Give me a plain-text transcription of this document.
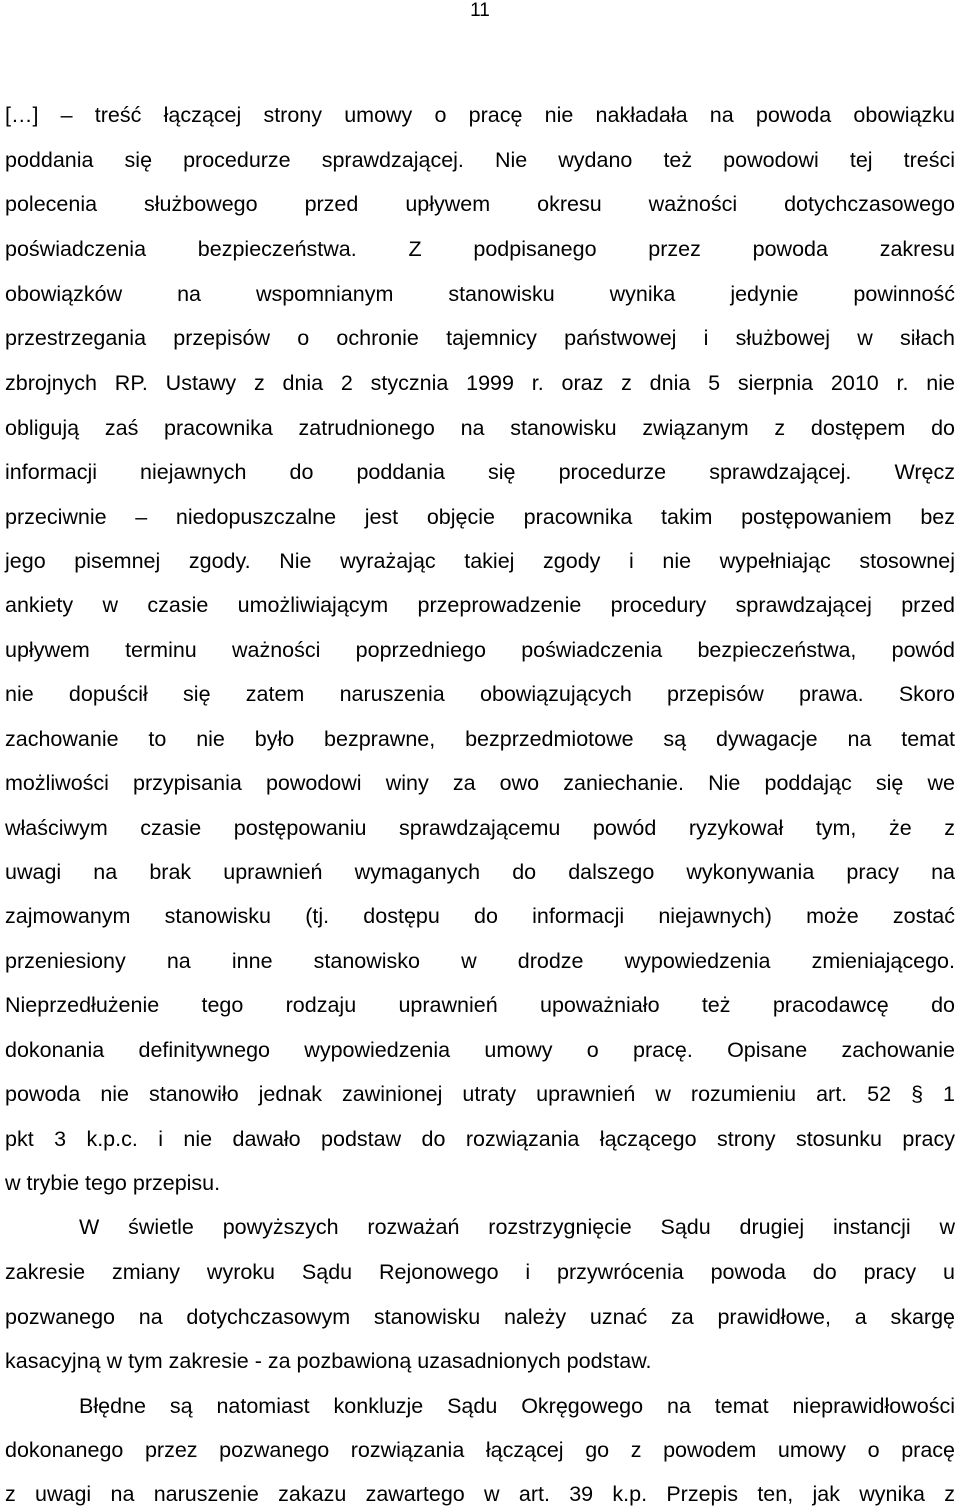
11
[…] – treść łączącej strony umowy o pracę nie nakładała na powoda obowiązku
poddania się procedurze sprawdzającej. Nie wydano też powodowi tej treści
polecenia służbowego przed upływem okresu ważności dotychczasowego
poświadczenia bezpieczeństwa. Z podpisanego przez powoda zakresu
obowiązków na wspomnianym stanowisku wynika jedynie powinność
przestrzegania przepisów o ochronie tajemnicy państwowej i służbowej w siłach
zbrojnych RP. Ustawy z dnia 2 stycznia 1999 r. oraz z dnia 5 sierpnia 2010 r. nie
obligują zaś pracownika zatrudnionego na stanowisku związanym z dostępem do
informacji niejawnych do poddania się procedurze sprawdzającej. Wręcz
przeciwnie – niedopuszczalne jest objęcie pracownika takim postępowaniem bez
jego pisemnej zgody. Nie wyrażając takiej zgody i nie wypełniając stosownej
ankiety w czasie umożliwiającym przeprowadzenie procedury sprawdzającej przed
upływem terminu ważności poprzedniego poświadczenia bezpieczeństwa, powód
nie dopuścił się zatem naruszenia obowiązujących przepisów prawa. Skoro
zachowanie to nie było bezprawne, bezprzedmiotowe są dywagacje na temat
możliwości przypisania powodowi winy za owo zaniechanie. Nie poddając się we
właściwym czasie postępowaniu sprawdzającemu powód ryzykował tym, że z
uwagi na brak uprawnień wymaganych do dalszego wykonywania pracy na
zajmowanym stanowisku (tj. dostępu do informacji niejawnych) może zostać
przeniesiony na inne stanowisko w drodze wypowiedzenia zmieniającego.
Nieprzedłużenie tego rodzaju uprawnień upoważniało też pracodawcę do
dokonania definitywnego wypowiedzenia umowy o pracę. Opisane zachowanie
powoda nie stanowiło jednak zawinionej utraty uprawnień w rozumieniu art. 52 § 1
pkt 3 k.p.c. i nie dawało podstaw do rozwiązania łączącego strony stosunku pracy
w trybie tego przepisu.
W świetle powyższych rozważań rozstrzygnięcie Sądu drugiej instancji w
zakresie zmiany wyroku Sądu Rejonowego i przywrócenia powoda do pracy u
pozwanego na dotychczasowym stanowisku należy uznać za prawidłowe, a skargę
kasacyjną w tym zakresie - za pozbawioną uzasadnionych podstaw.
Błędne są natomiast konkluzje Sądu Okręgowego na temat nieprawidłowości
dokonanego przez pozwanego rozwiązania łączącej go z powodem umowy o pracę
z uwagi na naruszenie zakazu zawartego w art. 39 k.p. Przepis ten, jak wynika z
